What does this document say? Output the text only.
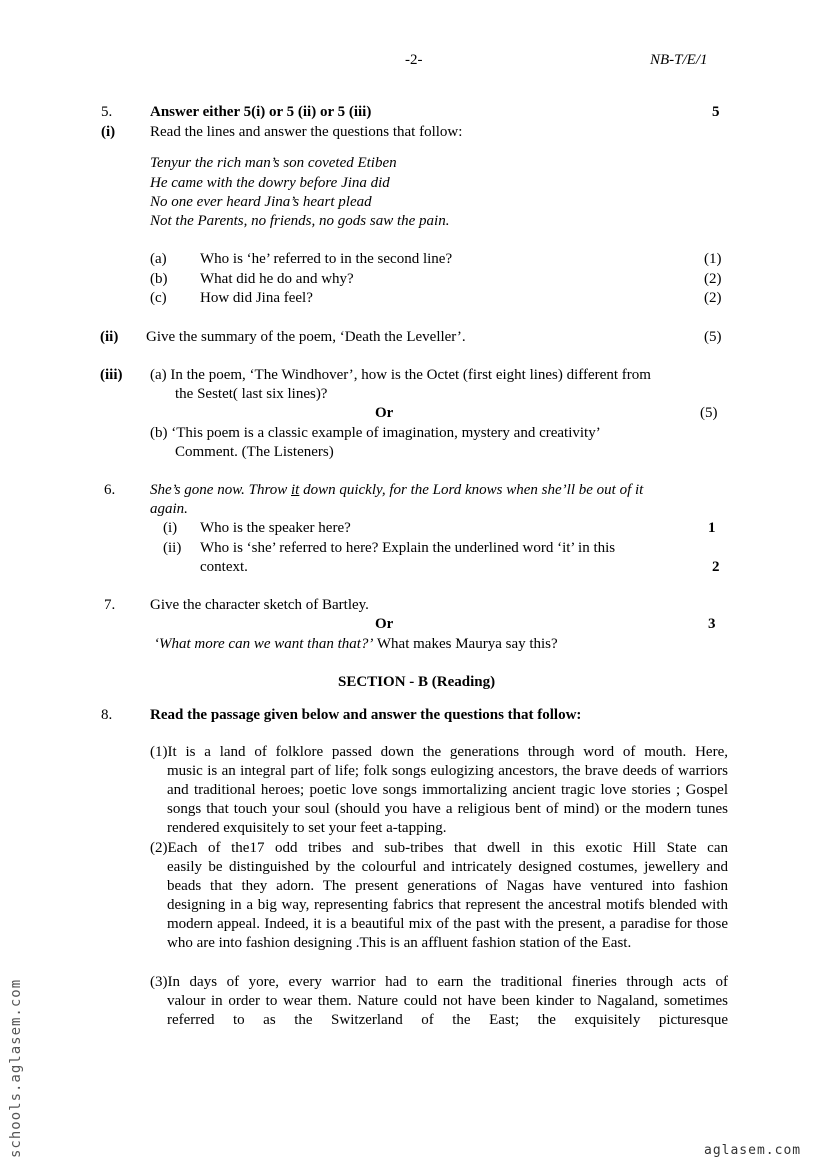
-2-	NB-T/E/1
5.	Answer either 5(i) or 5 (ii) or 5 (iii)	5
(i) Read the lines and answer the questions that follow:
Tenyur the rich man’s son coveted Etiben
He came with the dowry before Jina did
No one ever heard Jina’s heart plead
Not the Parents, no friends, no gods saw the pain.
(a) Who is ‘he’ referred to in the second line?	(1)
(b) What did he do and why?	(2)
(c) How did Jina feel?	(2)
(ii) Give the summary of the poem, ‘Death the Leveller’.	(5)
(iii) (a) In the poem, ‘The Windhover’, how is the Octet (first eight lines) different from
the Sestet( last six lines)?
Or	(5)
(b) ‘This poem is a classic example of imagination, mystery and creativity’
Comment. (The Listeners)
6. She’s gone now. Throw it down quickly, for the Lord knows when she’ll be out of it
again.
(i) Who is the speaker here?	1
(ii) Who is ‘she’ referred to here? Explain the underlined word ‘it’ in this
context.	2
7. Give the character sketch of Bartley.
Or	3
‘What more can we want than that?’ What makes Maurya say this?
SECTION - B (Reading)
8.	Read the passage given below and answer the questions that follow:
(1)It is a land of folklore passed down the generations through word of mouth. Here,
music is an integral part of life; folk songs eulogizing ancestors, the brave deeds of warriors and traditional heroes; poetic love songs immortalizing ancient tragic love stories ; Gospel songs that touch your soul (should you have a religious bent of mind) or the modern tunes rendered exquisitely to set your feet a-tapping.
(2)Each of the17 odd tribes and sub-tribes that dwell in this exotic Hill State can
easily be distinguished by the colourful and intricately designed costumes, jewellery and beads that they adorn. The present generations of Nagas have ventured into fashion designing in a big way, representing fabrics that represent the ancestral motifs blended with modern appeal. Indeed, it is a beautiful mix of the past with the present, a paradise for those who are into fashion designing .This is an affluent fashion station of the East.
(3)In days of yore, every warrior had to earn the traditional fineries through acts of
valour in order to wear them. Nature could not have been kinder to Nagaland, sometimes referred to as the Switzerland of the East; the exquisitely picturesque
schools.aglasem.com	aglasem.com
